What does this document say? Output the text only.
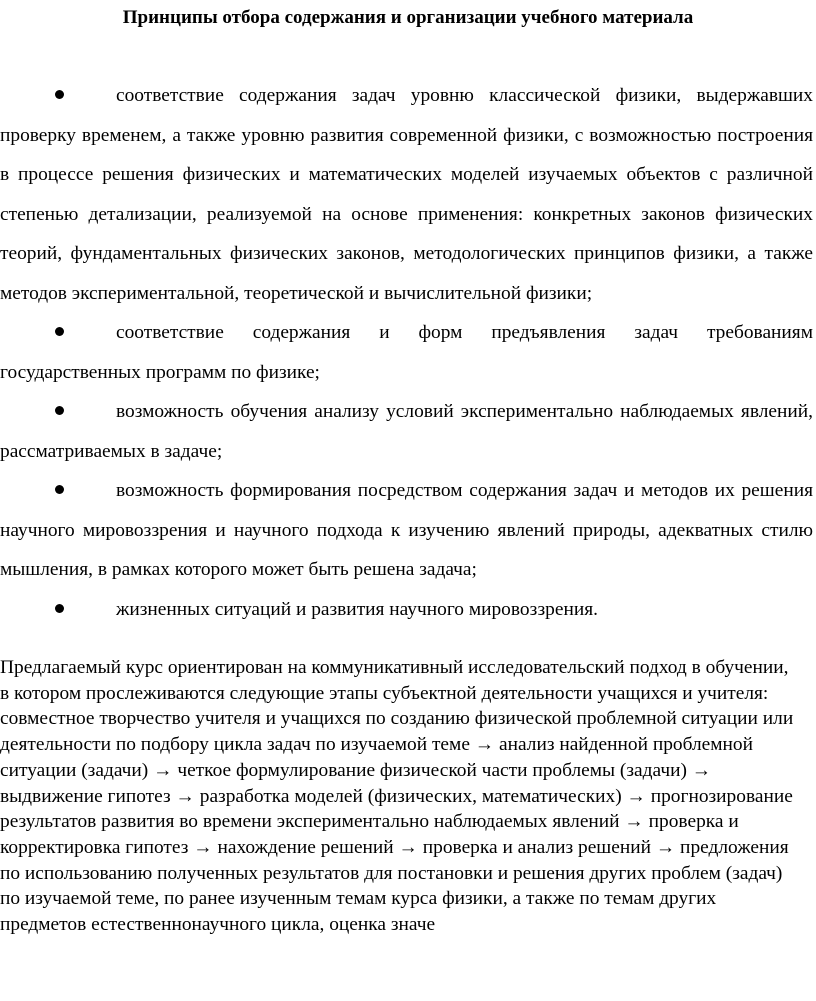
Принципы отбора содержания и организации учебного материала

соответствие содержания задач уровню классической физики, выдержавших проверку временем, а также уровню развития современной физики, с возможностью построения в процессе решения физических и математических моделей изучаемых объектов с различной степенью детализации, реализуемой на основе применения: конкретных законов физических теорий, фундаментальных физических законов, методологических принципов физики, а также методов экспериментальной, теоретической и вычислительной физики;

соответствие содержания и форм предъявления задач требованиям государственных программ по физике;

возможность обучения анализу условий экспериментально наблюдаемых явлений, рассматриваемых в задаче;

возможность формирования посредством содержания задач и методов их решения научного мировоззрения и научного подхода к изучению явлений природы, адекватных стилю мышления, в рамках которого может быть решена задача;

жизненных ситуаций и развития научного мировоззрения.

Предлагаемый курс ориентирован на коммуникативный исследовательский подход в обучении, в котором прослеживаются следующие этапы субъектной деятельности учащихся и учителя: совместное творчество учителя и учащихся по созданию физической проблемной ситуации или деятельности по подбору цикла задач по изучаемой теме → анализ найденной проблемной ситуации (задачи) → четкое формулирование физической части проблемы (задачи) → выдвижение гипотез → разработка моделей (физических, математических) → прогнозирование результатов развития во времени экспериментально наблюдаемых явлений → проверка и корректировка гипотез → нахождение решений → проверка и анализ решений → предложения по использованию полученных результатов для постановки и решения других проблем (задач) по изучаемой теме, по ранее изученным темам курса физики, а также по темам других предметов естественнонаучного цикла, оценка значе
